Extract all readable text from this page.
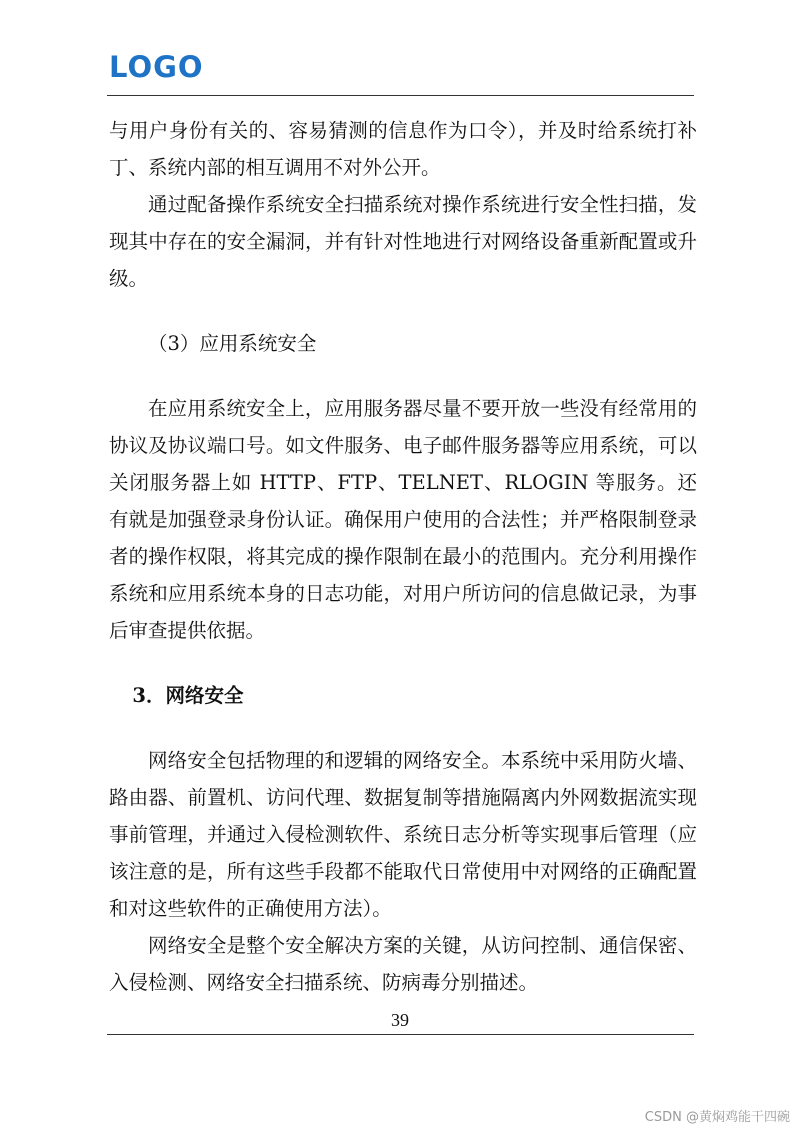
LOGO

与用户身份有关的、容易猜测的信息作为口令），并及时给系统打补丁、系统内部的相互调用不对外公开。

通过配备操作系统安全扫描系统对操作系统进行安全性扫描，发现其中存在的安全漏洞，并有针对性地进行对网络设备重新配置或升级。

（3）应用系统安全

在应用系统安全上，应用服务器尽量不要开放一些没有经常用的协议及协议端口号。如文件服务、电子邮件服务器等应用系统，可以关闭服务器上如 HTTP、FTP、TELNET、RLOGIN 等服务。还有就是加强登录身份认证。确保用户使用的合法性；并严格限制登录者的操作权限，将其完成的操作限制在最小的范围内。充分利用操作系统和应用系统本身的日志功能，对用户所访问的信息做记录，为事后审查提供依据。

3．网络安全

网络安全包括物理的和逻辑的网络安全。本系统中采用防火墙、路由器、前置机、访问代理、数据复制等措施隔离内外网数据流实现事前管理，并通过入侵检测软件、系统日志分析等实现事后管理（应该注意的是，所有这些手段都不能取代日常使用中对网络的正确配置和对这些软件的正确使用方法）。

网络安全是整个安全解决方案的关键，从访问控制、通信保密、入侵检测、网络安全扫描系统、防病毒分别描述。

39
CSDN @黄焖鸡能干四碗
